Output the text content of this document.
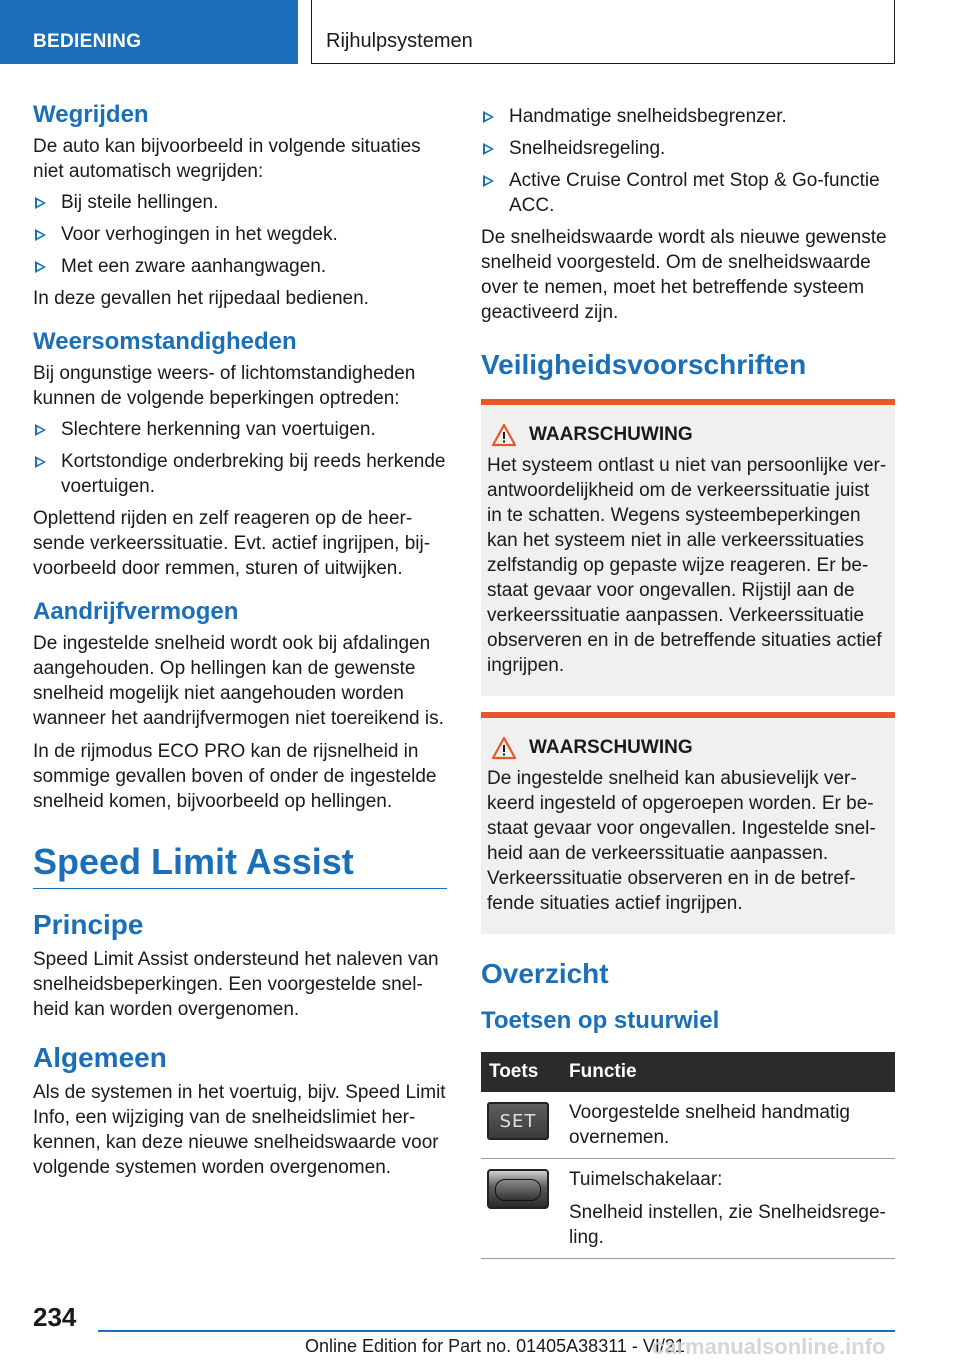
BEDIENING	Rijhulpsystemen
Wegrijden

De auto kan bijvoorbeeld in volgende situaties niet automatisch wegrijden:

Bij steile hellingen.
Voor verhogingen in het wegdek.
Met een zware aanhangwagen.

In deze gevallen het rijpedaal bedienen.

Weersomstandigheden

Bij ongunstige weers- of lichtomstandigheden kunnen de volgende beperkingen optreden:

Slechtere herkenning van voertuigen.
Kortstondige onderbreking bij reeds herkende voertuigen.

Oplettend rijden en zelf reageren op de heersende verkeerssituatie. Evt. actief ingrijpen, bijvoorbeeld door remmen, sturen of uitwijken.

Aandrijfvermogen

De ingestelde snelheid wordt ook bij afdalingen aangehouden. Op hellingen kan de gewenste snelheid mogelijk niet aangehouden worden wanneer het aandrijfvermogen niet toereikend is.

In de rijmodus ECO PRO kan de rijsnelheid in sommige gevallen boven of onder de ingestelde snelheid komen, bijvoorbeeld op hellingen.

Speed Limit Assist
Principe

Speed Limit Assist ondersteund het naleven van snelheidsbeperkingen. Een voorgestelde snelheid kan worden overgenomen.

Algemeen

Als de systemen in het voertuig, bijv. Speed Limit Info, een wijziging van de snelheidslimiet herkennen, kan deze nieuwe snelheidswaarde voor volgende systemen worden overgenomen.

Handmatige snelheidsbegrenzer.
Snelheidsregeling.
Active Cruise Control met Stop & Go-functie ACC.

De snelheidswaarde wordt als nieuwe gewenste snelheid voorgesteld. Om de snelheidswaarde over te nemen, moet het betreffende systeem geactiveerd zijn.

Veiligheidsvoorschriften
WAARSCHUWING

Het systeem ontlast u niet van persoonlijke verantwoordelijkheid om de verkeerssituatie juist in te schatten. Wegens systeembeperkingen kan het systeem niet in alle verkeerssituaties zelfstandig op gepaste wijze reageren. Er bestaat gevaar voor ongevallen. Rijstijl aan de verkeerssituatie aanpassen. Verkeerssituatie observeren en in de betreffende situaties actief ingrijpen.

WAARSCHUWING

De ingestelde snelheid kan abusievelijk verkeerd ingesteld of opgeroepen worden. Er bestaat gevaar voor ongevallen. Ingestelde snelheid aan de verkeerssituatie aanpassen. Verkeerssituatie observeren en in de betreffende situaties actief ingrijpen.

Overzicht
Toetsen op stuurwiel
Toets	Functie

SET	Voorgestelde snelheid handmatig overnemen.

	Tuimelschakelaar:
Snelheid instellen, zie Snelheidsregeling.
234
Online Edition for Part no. 01405A38311 - VI/21
carmanualsonline.info
